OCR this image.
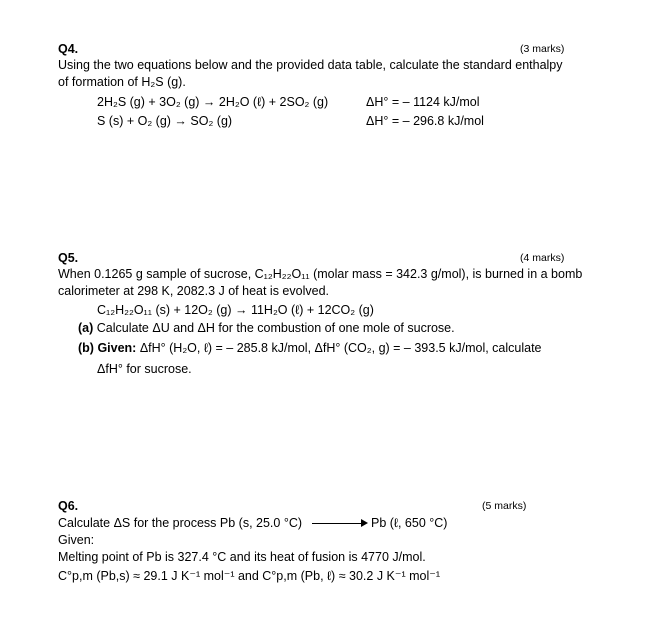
Q4.	(3 marks)
Using the two equations below and the provided data table, calculate the standard enthalpy
of formation of H₂S (g).
2H₂S (g) + 3O₂ (g) → 2H₂O (ℓ) + 2SO₂ (g)	ΔH° = – 1124 kJ/mol
S (s) + O₂ (g) → SO₂ (g)	ΔH° = – 296.8 kJ/mol
Q5.	(4 marks)
When 0.1265 g sample of sucrose, C₁₂H₂₂O₁₁ (molar mass = 342.3 g/mol), is burned in a bomb
calorimeter at 298 K, 2082.3 J of heat is evolved.
C₁₂H₂₂O₁₁ (s) + 12O₂ (g) → 11H₂O (ℓ) + 12CO₂ (g)
(a) Calculate ΔU and ΔH for the combustion of one mole of sucrose.
(b) Given: ΔfH° (H₂O, ℓ) = – 285.8 kJ/mol, ΔfH° (CO₂, g) = – 393.5 kJ/mol, calculate
ΔfH° for sucrose.
Q6.	(5 marks)
Calculate ΔS for the process Pb (s, 25.0 °C)	Pb (ℓ, 650 °C)
Given:
Melting point of Pb is 327.4 °C and its heat of fusion is 4770 J/mol.
C°p,m (Pb,s) ≈ 29.1 J K⁻¹ mol⁻¹ and C°p,m (Pb, ℓ) ≈ 30.2 J K⁻¹ mol⁻¹
